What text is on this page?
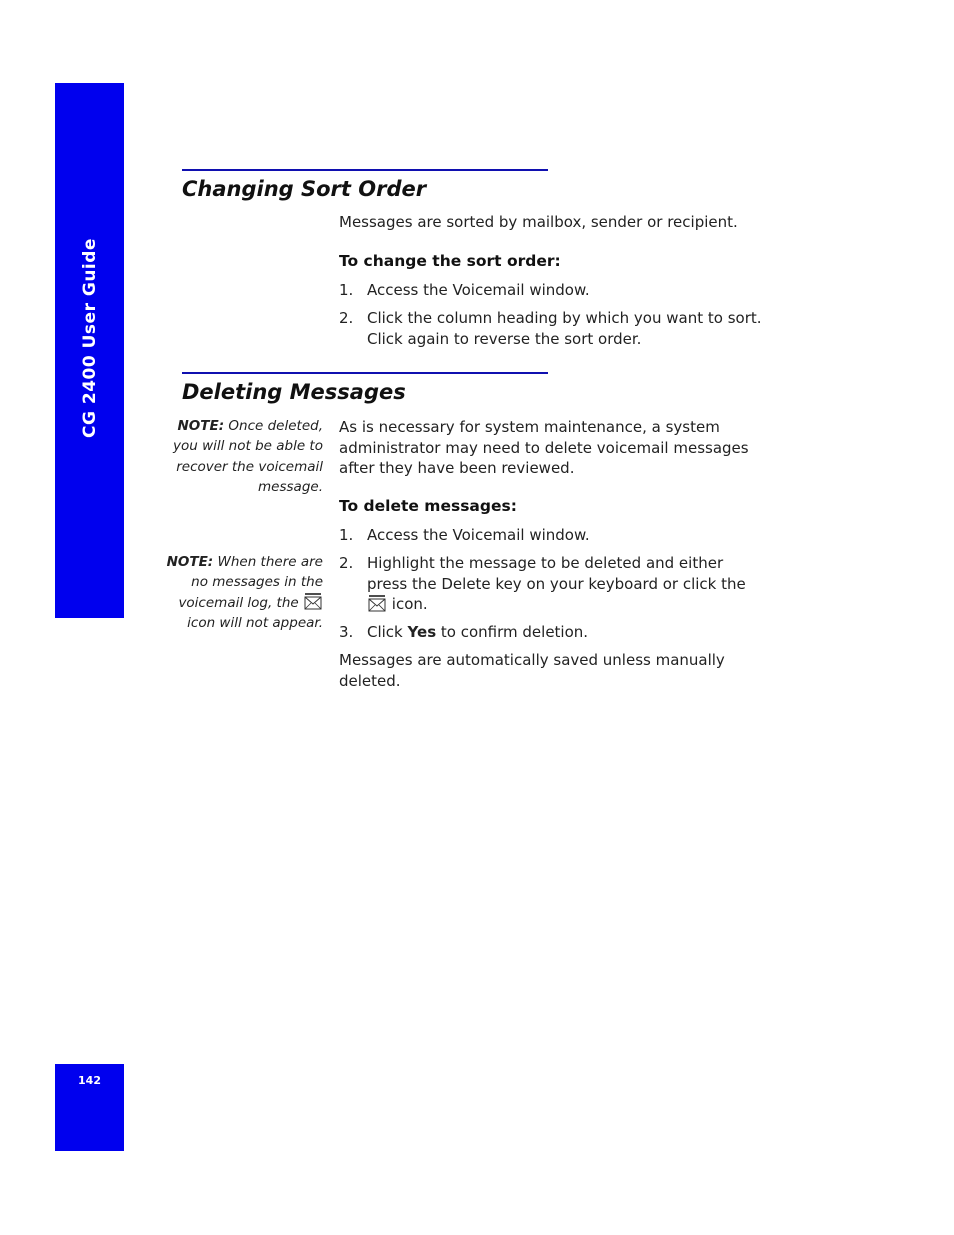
CG 2400 User Guide
142
Changing Sort Order

Messages are sorted by mailbox, sender or recipient.

To change the sort order:

1. Access the Voicemail window.
2. Click the column heading by which you want to sort. Click again to reverse the sort order.
Deleting Messages

NOTE: Once deleted, you will not be able to recover the voicemail message.

As is necessary for system maintenance, a system administrator may need to delete voicemail messages after they have been reviewed.

To delete messages:

1. Access the Voicemail window.

NOTE: When there are no messages in the voicemail log, the
icon will not appear.

2. Highlight the message to be deleted and either press the Delete key on your keyboard or click the
icon.
3. Click Yes to confirm deletion.

Messages are automatically saved unless manually deleted.
